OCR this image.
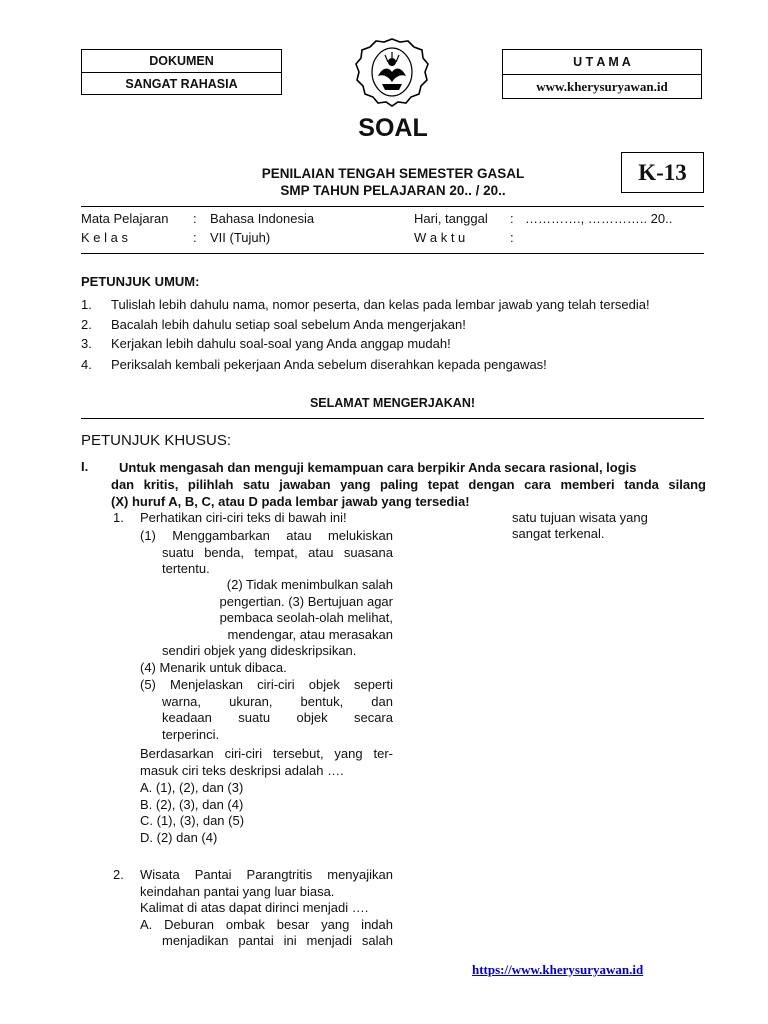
DOKUMEN
SANGAT RAHASIA
U T A M A
www.kherysuryawan.id
SOAL
PENILAIAN TENGAH SEMESTER GASAL
SMP TAHUN PELAJARAN 20.. / 20..
K-13
Mata Pelajaran : Bahasa Indonesia
K e l a s	: VII (Tujuh)
Hari, tanggal : …………., ………….. 20..
W a k t u	:
PETUNJUK UMUM:
1. Tulislah lebih dahulu nama, nomor peserta, dan kelas pada lembar jawab yang telah tersedia!
2. Bacalah lebih dahulu setiap soal sebelum Anda mengerjakan!
3. Kerjakan lebih dahulu soal-soal yang Anda anggap mudah!
4. Periksalah kembali pekerjaan Anda sebelum diserahkan kepada pengawas!
SELAMAT MENGERJAKAN!
PETUNJUK KHUSUS:
I.	Untuk mengasah dan menguji kemampuan cara berpikir Anda secara rasional, logis
dan kritis, pilihlah satu jawaban yang paling tepat dengan cara memberi tanda silang
(X) huruf A, B, C, atau D pada lembar jawab yang tersedia!
1. Perhatikan ciri-ciri teks di bawah ini!
(1) Menggambarkan atau melukiskan
suatu benda, tempat, atau suasana
tertentu.
(2) Tidak menimbulkan salah
pengertian. (3) Bertujuan agar
pembaca seolah-olah melihat,
mendengar, atau merasakan
sendiri objek yang dideskripsikan.
(4) Menarik untuk dibaca.
(5) Menjelaskan ciri-ciri objek seperti
warna, ukuran, bentuk, dan
keadaan suatu objek secara
terperinci.
Berdasarkan ciri-ciri tersebut, yang ter-
masuk ciri teks deskripsi adalah ….
A. (1), (2), dan (3)
B. (2), (3), dan (4)
C. (1), (3), dan (5)
D. (2) dan (4)
2. Wisata Pantai Parangtritis menyajikan
keindahan pantai yang luar biasa.
Kalimat di atas dapat dirinci menjadi ….
A. Deburan ombak besar yang indah
menjadikan pantai ini menjadi salah
satu tujuan wisata yang
sangat terkenal.
https://www.kherysuryawan.id
